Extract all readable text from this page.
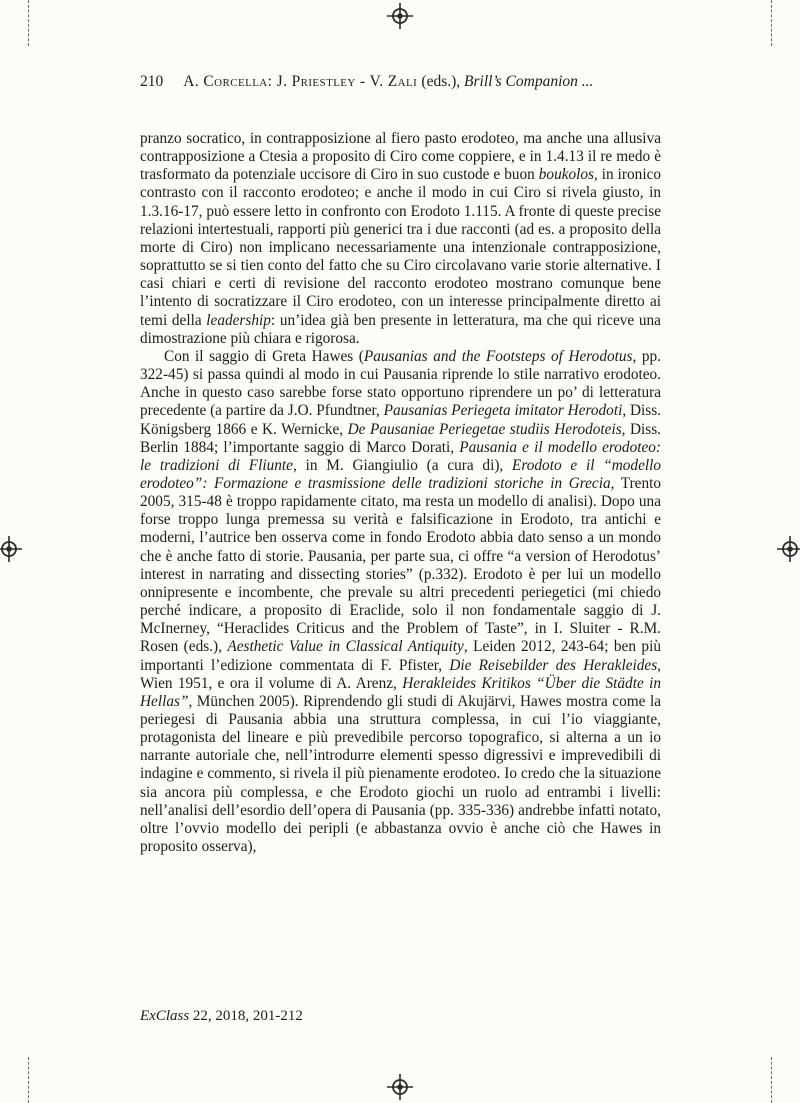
210 A. Corcella: J. Priestley - V. Zali (eds.), Brill’s Companion ...

pranzo socratico, in contrapposizione al fiero pasto erodoteo, ma anche una allusiva contrapposizione a Ctesia a proposito di Ciro come coppiere, e in 1.4.13 il re medo è trasformato da potenziale uccisore di Ciro in suo custode e buon boukolos, in ironico contrasto con il racconto erodoteo; e anche il modo in cui Ciro si rivela giusto, in 1.3.16-17, può essere letto in confronto con Erodoto 1.115. A fronte di queste precise relazioni intertestuali, rapporti più generici tra i due racconti (ad es. a proposito della morte di Ciro) non implicano necessariamente una intenzionale contrapposizione, soprattutto se si tien conto del fatto che su Ciro circolavano varie storie alternative. I casi chiari e certi di revisione del racconto erodoteo mostrano comunque bene l’intento di socratizzare il Ciro erodoteo, con un interesse principalmente diretto ai temi della leadership: un’idea già ben presente in letteratura, ma che qui riceve una dimostrazione più chiara e rigorosa.

Con il saggio di Greta Hawes (Pausanias and the Footsteps of Herodotus, pp. 322-45) si passa quindi al modo in cui Pausania riprende lo stile narrativo erodoteo. Anche in questo caso sarebbe forse stato opportuno riprendere un po’ di letteratura precedente (a partire da J.O. Pfundtner, Pausanias Periegeta imitator Herodoti, Diss. Königsberg 1866 e K. Wernicke, De Pausaniae Periegetae studiis Herodoteis, Diss. Berlin 1884; l’importante saggio di Marco Dorati, Pausania e il modello erodoteo: le tradizioni di Fliunte, in M. Giangiulio (a cura di), Erodoto e il “modello erodoteo”: Formazione e trasmissione delle tradizioni storiche in Grecia, Trento 2005, 315-48 è troppo rapidamente citato, ma resta un modello di analisi). Dopo una forse troppo lunga premessa su verità e falsificazione in Erodoto, tra antichi e moderni, l’autrice ben osserva come in fondo Erodoto abbia dato senso a un mondo che è anche fatto di storie. Pausania, per parte sua, ci offre “a version of Herodotus’ interest in narrating and dissecting stories” (p.332). Erodoto è per lui un modello onnipresente e incombente, che prevale su altri precedenti periegetici (mi chiedo perché indicare, a proposito di Eraclide, solo il non fondamentale saggio di J. McInerney, “Heraclides Criticus and the Problem of Taste”, in I. Sluiter - R.M. Rosen (eds.), Aesthetic Value in Classical Antiquity, Leiden 2012, 243-64; ben più importanti l’edizione commentata di F. Pfister, Die Reisebilder des Herakleides, Wien 1951, e ora il volume di A. Arenz, Herakleides Kritikos “Über die Städte in Hellas”, München 2005). Riprendendo gli studi di Akujärvi, Hawes mostra come la periegesi di Pausania abbia una struttura complessa, in cui l’io viaggiante, protagonista del lineare e più prevedibile percorso topografico, si alterna a un io narrante autoriale che, nell’introdurre elementi spesso digressivi e imprevedibili di indagine e commento, si rivela il più pienamente erodoteo. Io credo che la situazione sia ancora più complessa, e che Erodoto giochi un ruolo ad entrambi i livelli: nell’analisi dell’esordio dell’opera di Pausania (pp. 335-336) andrebbe infatti notato, oltre l’ovvio modello dei peripli (e abbastanza ovvio è anche ciò che Hawes in proposito osserva),

ExClass 22, 2018, 201-212
